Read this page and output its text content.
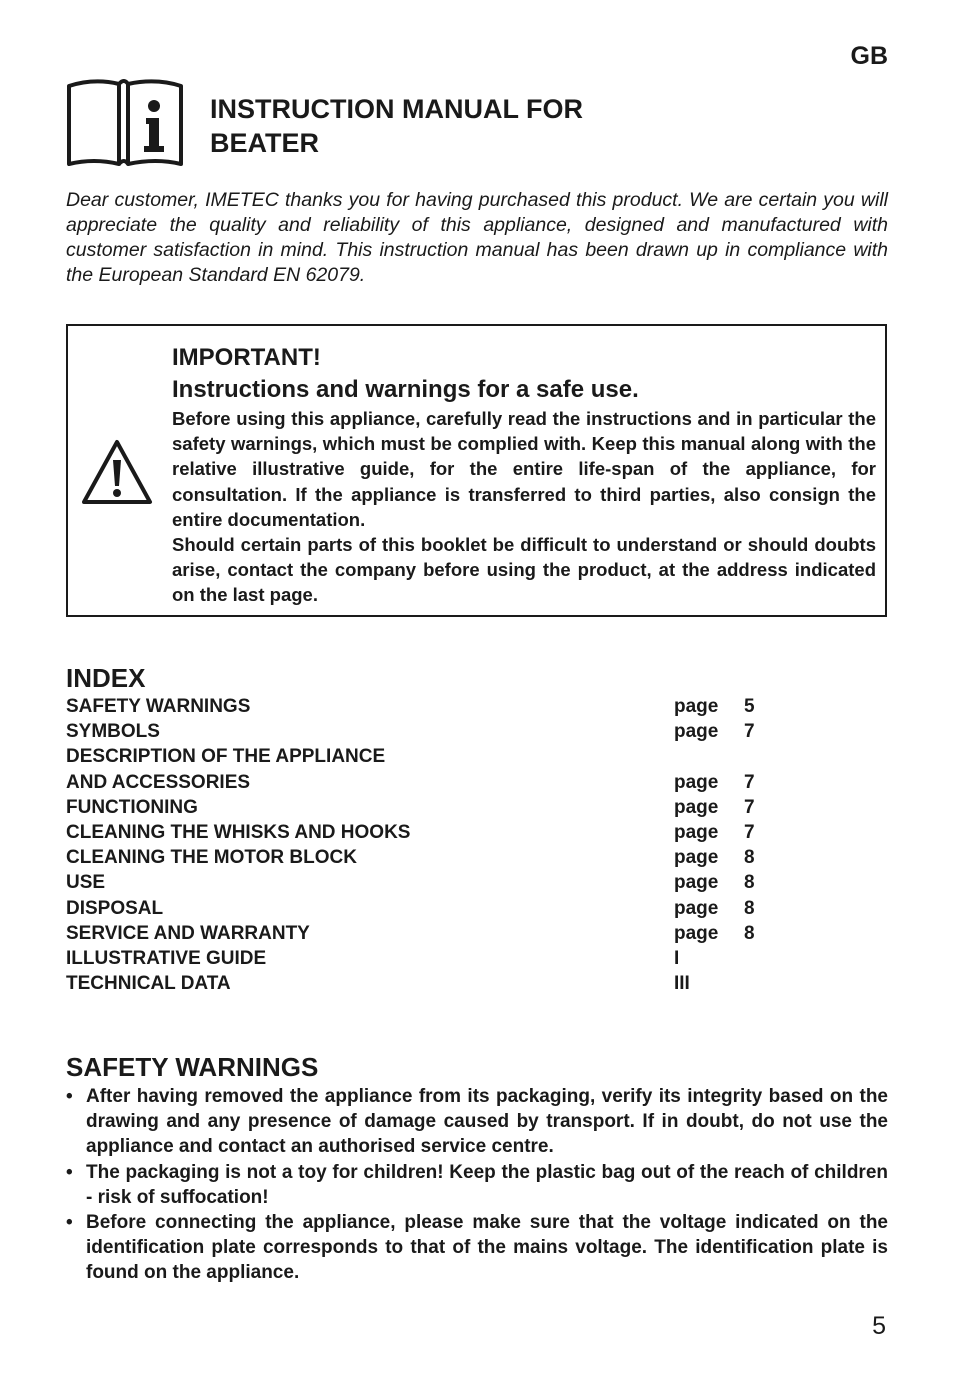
GB
INSTRUCTION MANUAL FOR
BEATER

Dear customer, IMETEC thanks you for having purchased this product. We are certain you will appreciate the quality and reliability of this appliance, designed and manufactured with customer satisfaction in mind. This instruction manual has been drawn up in compliance with the European Standard EN 62079.

IMPORTANT!
Instructions and warnings for a safe use.

Before using this appliance, carefully read the instructions and in particular the safety warnings, which must be complied with. Keep this manual along with the relative illustrative guide, for the entire life-span of the appliance, for consultation. If the appliance is transferred to third parties, also consign the entire documentation.

Should certain parts of this booklet be difficult to understand or should doubts arise, contact the company before using the product, at the address indicated on the last page.

INDEX
SAFETY WARNINGS	page 5
SYMBOLS	page 7
DESCRIPTION OF THE APPLIANCE
AND ACCESSORIES	page 7
FUNCTIONING	page 7
CLEANING THE WHISKS AND HOOKS	page 7
CLEANING THE MOTOR BLOCK	page 8
USE	page 8
DISPOSAL	page 8
SERVICE AND WARRANTY	page 8
ILLUSTRATIVE GUIDE	I
TECHNICAL DATA	III
SAFETY WARNINGS
• After having removed the appliance from its packaging, verify its integrity based on the drawing and any presence of damage caused by transport. If in doubt, do not use the appliance and contact an authorised service centre.
• The packaging is not a toy for children! Keep the plastic bag out of the reach of children - risk of suffocation!
• Before connecting the appliance, please make sure that the voltage indicated on the identification plate corresponds to that of the mains voltage. The identification plate is found on the appliance.
5
